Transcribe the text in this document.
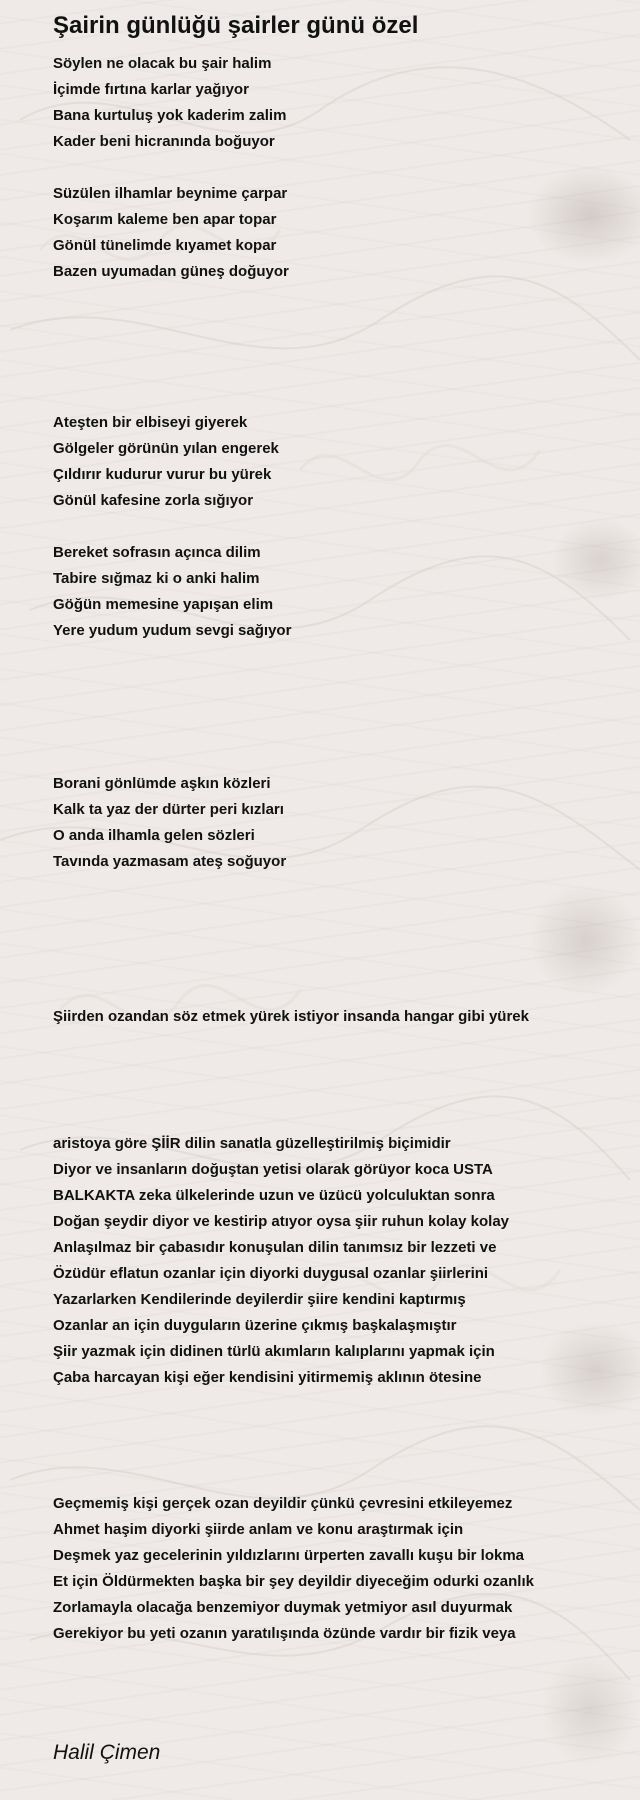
Şairin günlüğü şairler günü özel
Söylen ne olacak bu şair halim
İçimde fırtına karlar yağıyor
Bana kurtuluş yok kaderim zalim
Kader beni hicranında boğuyor
Süzülen ilhamlar beynime çarpar
Koşarım kaleme ben apar topar
Gönül tünelimde kıyamet kopar
Bazen uyumadan güneş doğuyor
Ateşten bir elbiseyi giyerek
Gölgeler görünün yılan engerek
Çıldırır kudurur vurur bu yürek
Gönül kafesine zorla sığıyor
Bereket sofrasın açınca dilim
Tabire sığmaz ki o anki halim
Göğün memesine yapışan elim
Yere yudum yudum sevgi sağıyor
Borani gönlümde aşkın közleri
Kalk ta yaz der dürter peri kızları
O anda ilhamla gelen sözleri
Tavında yazmasam ateş soğuyor
Şiirden ozandan söz etmek yürek istiyor insanda hangar gibi yürek
aristoya göre ŞİİR dilin sanatla güzelleştirilmiş biçimidir
Diyor ve insanların doğuştan yetisi olarak görüyor koca USTA
BALKAKTA zeka ülkelerinde uzun ve üzücü yolculuktan sonra
Doğan şeydir diyor ve kestirip atıyor oysa şiir ruhun kolay kolay
Anlaşılmaz bir çabasıdır konuşulan dilin tanımsız bir lezzeti ve
Özüdür eflatun ozanlar için diyorki duygusal ozanlar şiirlerini
Yazarlarken Kendilerinde deyilerdir şiire kendini kaptırmış
Ozanlar an için duyguların üzerine çıkmış başkalaşmıştır
Şiir yazmak için didinen türlü akımların kalıplarını yapmak için
Çaba harcayan kişi eğer kendisini yitirmemiş aklının ötesine
Geçmemiş kişi gerçek ozan deyildir çünkü çevresini etkileyemez
Ahmet haşim diyorki şiirde anlam ve konu araştırmak için
Deşmek yaz gecelerinin yıldızlarını ürperten zavallı kuşu bir lokma
Et için Öldürmekten başka bir şey deyildir diyeceğim odurki ozanlık
Zorlamayla olacağa benzemiyor duymak yetmiyor asıl duyurmak
Gerekiyor bu yeti ozanın yaratılışında özünde vardır bir fizik veya
Halil Çimen
